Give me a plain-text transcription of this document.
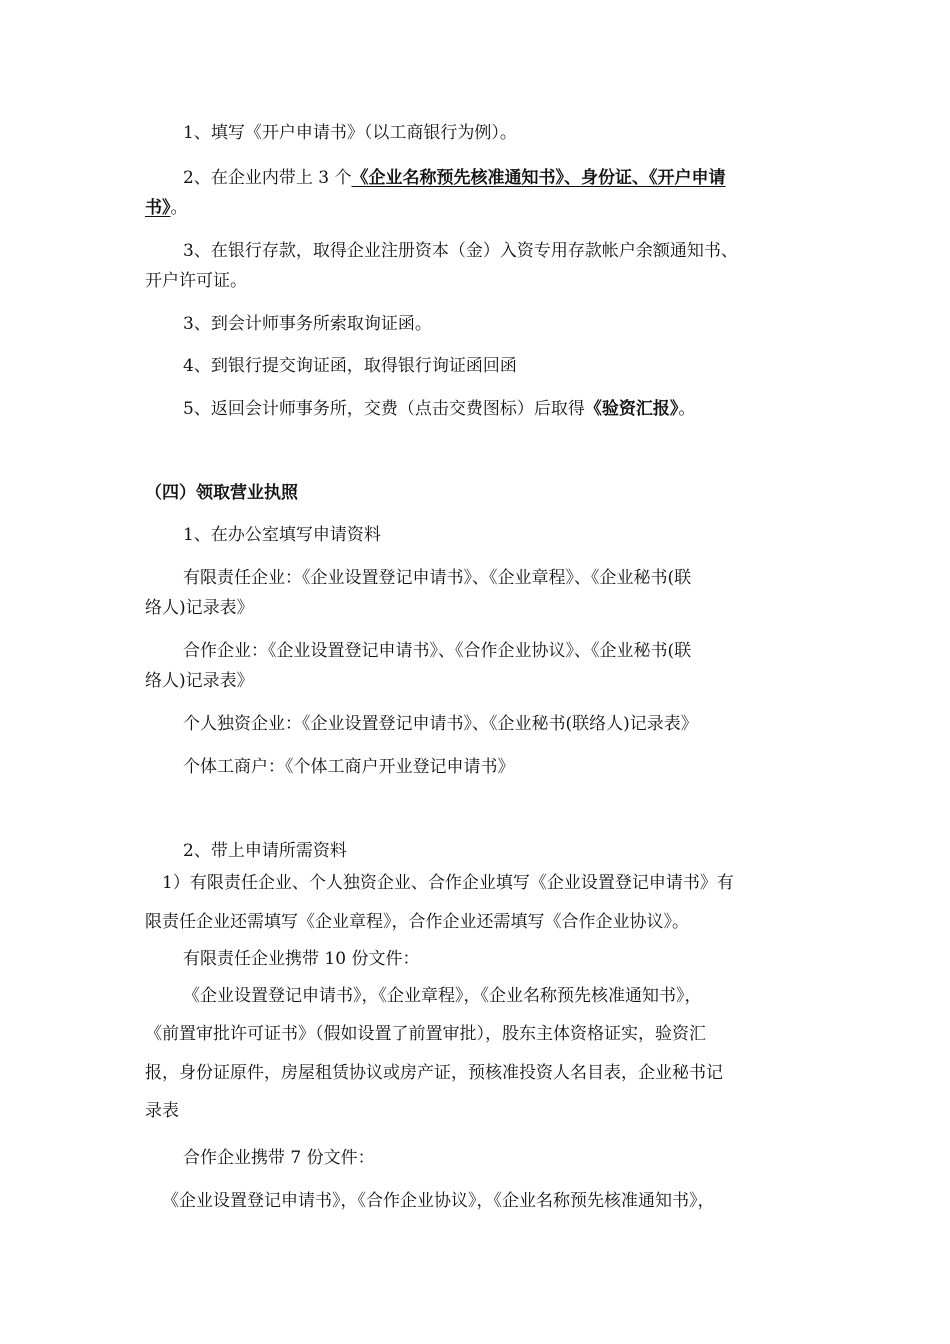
1、填写《开户申请书》（以工商银行为例）。
2、在企业内带上 3 个《企业名称预先核准通知书》、身份证、《开户申请
书》。
3、在银行存款，取得企业注册资本（金）入资专用存款帐户余额通知书、
开户许可证。
3、到会计师事务所索取询证函。
4、到银行提交询证函，取得银行询证函回函
5、返回会计师事务所，交费（点击交费图标）后取得《验资汇报》。
（四）领取营业执照
1、在办公室填写申请资料
有限责任企业：《企业设置登记申请书》、《企业章程》、《企业秘书(联
络人)记录表》
合作企业：《企业设置登记申请书》、《合作企业协议》、《企业秘书(联
络人)记录表》
个人独资企业：《企业设置登记申请书》、《企业秘书(联络人)记录表》
个体工商户：《个体工商户开业登记申请书》
2、带上申请所需资料
1）有限责任企业、个人独资企业、合作企业填写《企业设置登记申请书》有
限责任企业还需填写《企业章程》，合作企业还需填写《合作企业协议》。
有限责任企业携带 10 份文件：
《企业设置登记申请书》，《企业章程》，《企业名称预先核准通知书》，
《前置审批许可证书》（假如设置了前置审批），股东主体资格证实，验资汇
报，身份证原件，房屋租赁协议或房产证，预核准投资人名目表，企业秘书记
录表
合作企业携带 7 份文件：
《企业设置登记申请书》，《合作企业协议》，《企业名称预先核准通知书》，
